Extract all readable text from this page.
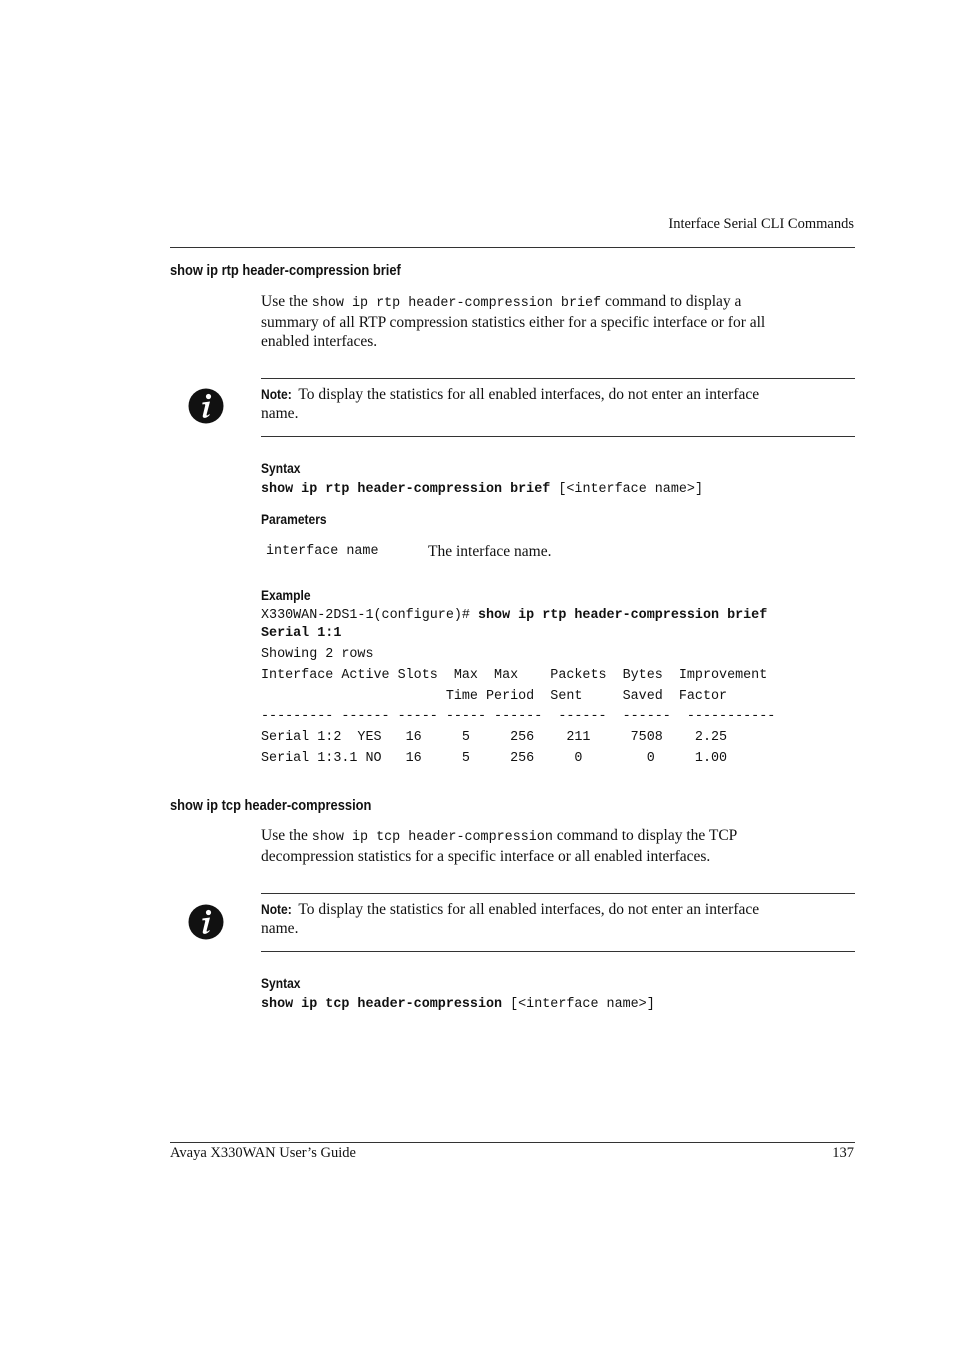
Interface Serial CLI Commands
show ip rtp header-compression brief

Use the show ip rtp header-compression brief command to display a

summary of all RTP compression statistics either for a specific interface or for all

enabled interfaces.

Note: To display the statistics for all enabled interfaces, do not enter an interface
name.
Syntax
show ip rtp header-compression brief [<interface name>]
Parameters
interface name	The interface name.
Example
X330WAN-2DS1-1(configure)# show ip rtp header-compression brief
Serial 1:1
Showing 2 rows
Interface Active Slots  Max  Max    Packets  Bytes  Improvement
Time Period  Sent     Saved  Factor
--------- ------ ----- ----- ------  ------  ------  -----------
Serial 1:2  YES   16     5     256    211     7508    2.25
Serial 1:3.1 NO   16     5     256     0        0     1.00
show ip tcp header-compression

Use the show ip tcp header-compression command to display the TCP

decompression statistics for a specific interface or all enabled interfaces.

Note: To display the statistics for all enabled interfaces, do not enter an interface
name.
Syntax
show ip tcp header-compression [<interface name>]
Avaya X330WAN User’s Guide	137
